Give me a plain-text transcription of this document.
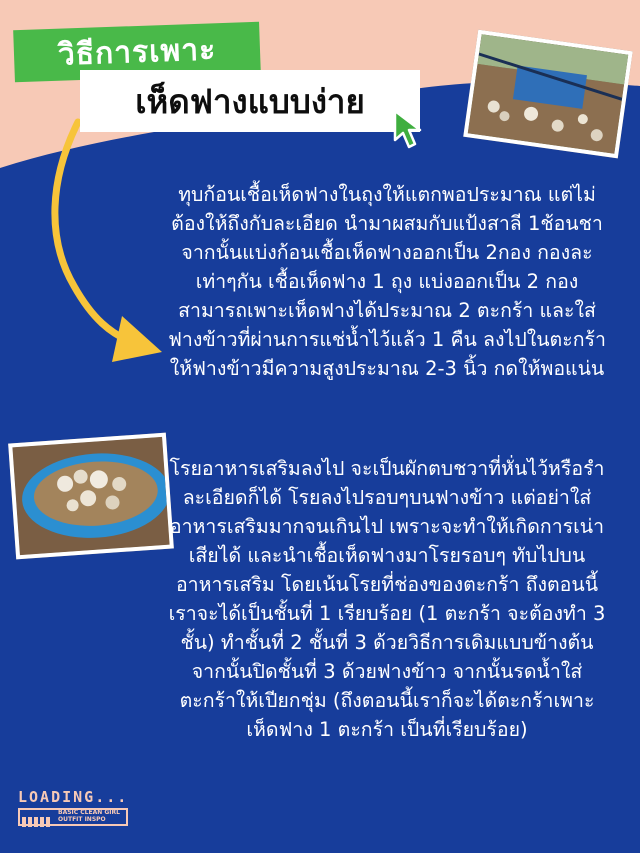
วิธีการเพาะ
เห็ดฟางแบบง่าย

ทุบก้อนเชื้อเห็ดฟางในถุงให้แตกพอประมาณ แต่ไม่ต้องให้ถึงกับละเอียด นำมาผสมกับแป้งสาลี 1ช้อนชา จากนั้นแบ่งก้อนเชื้อเห็ดฟางออกเป็น 2กอง กองละเท่าๆกัน เชื้อเห็ดฟาง 1 ถุง แบ่งออกเป็น 2 กอง สามารถเพาะเห็ดฟางได้ประมาณ 2 ตะกร้า และใส่ฟางข้าวที่ผ่านการแช่น้ำไว้แล้ว 1 คืน ลงไปในตะกร้า ให้ฟางข้าวมีความสูงประมาณ 2-3 นิ้ว กดให้พอแน่น

โรยอาหารเสริมลงไป จะเป็นผักตบชวาที่หั่นไว้หรือรำละเอียดก็ได้ โรยลงไปรอบๆบนฟางข้าว แต่อย่าใส่อาหารเสริมมากจนเกินไป เพราะจะทำให้เกิดการเน่าเสียได้ และนำเชื้อเห็ดฟางมาโรยรอบๆ ทับไปบนอาหารเสริม โดยเน้นโรยที่ช่องของตะกร้า ถึงตอนนี้เราจะได้เป็นชั้นที่ 1 เรียบร้อย (1 ตะกร้า จะต้องทำ 3 ชั้น) ทำชั้นที่ 2 ชั้นที่ 3 ด้วยวิธีการเดิมแบบข้างต้น จากนั้นปิดชั้นที่ 3 ด้วยฟางข้าว จากนั้นรดน้ำใส่ตะกร้าให้เปียกชุ่ม (ถึงตอนนี้เราก็จะได้ตะกร้าเพาะเห็ดฟาง 1 ตะกร้า เป็นที่เรียบร้อย)

LOADING...
BASIC CLEAN GIRL
OUTFIT INSPO
